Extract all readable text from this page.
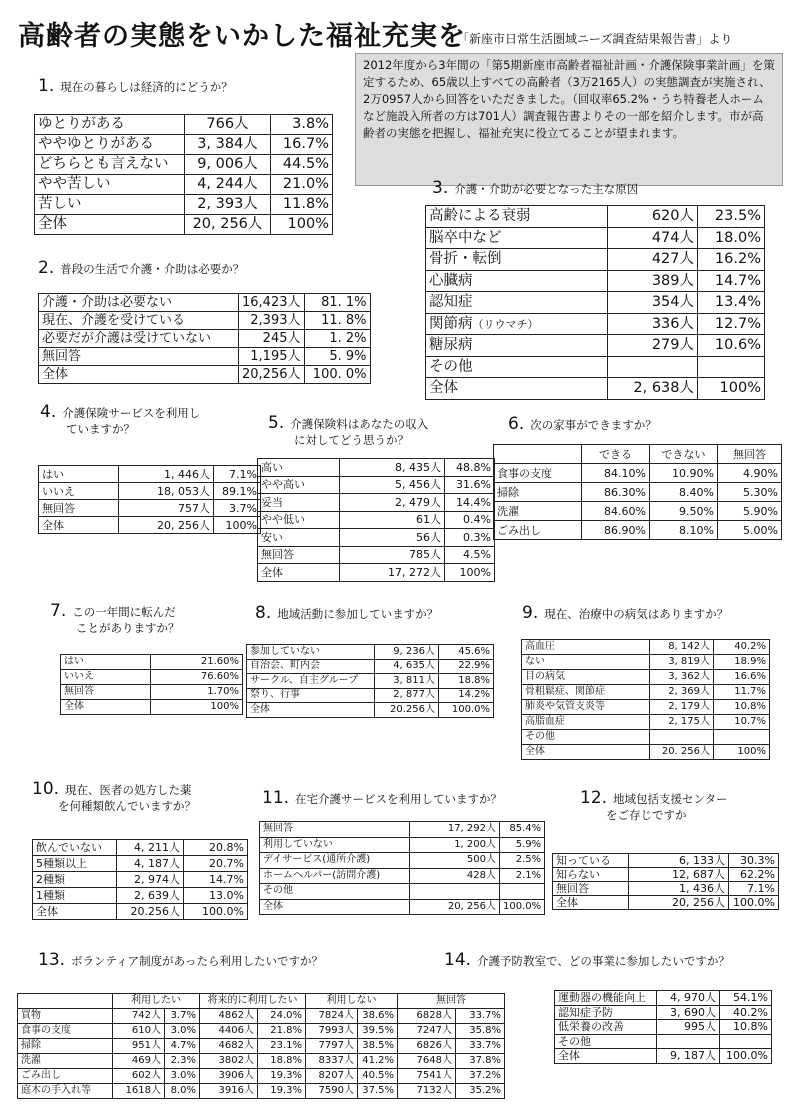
高齢者の実態をいかした福祉充実を
「新座市日常生活圏域ニーズ調査結果報告書」より
2012年度から3年間の「第5期新座市高齢者福祉計画・介護保険事業計画」を策定するため、65歳以上すべての高齢者（3万2165人）の実態調査が実施され、2万0957人から回答をいただきました。（回収率65.2%・うち特養老人ホームなど施設入所者の方は701人）調査報告書よりその一部を紹介します。市が高齢者の実態を把握し、福祉充実に役立てることが望まれます。
1. 現在の暮らしは経済的にどうか？
ゆとりがある	766人	3.8%
ややゆとりがある	3, 384人	16.7%
どちらとも言えない	9, 006人	44.5%
やや苦しい	4, 244人	21.0%
苦しい	2, 393人	11.8%
全体	20, 256人	100%
2. 普段の生活で介護・介助は必要か？
介護・介助は必要ない	16,423人	81. 1%
現在、介護を受けている	2,393人	11. 8%
必要だが介護は受けていない	245人	1. 2%
無回答	1,195人	5. 9%
全体	20,256人	100. 0%
3. 介護・介助が必要となった主な原因
高齢による衰弱	620人	23.5%
脳卒中など	474人	18.0%
骨折・転倒	427人	16.2%
心臓病	389人	14.7%
認知症	354人	13.4%
関節病（リウマチ）	336人	12.7%
糖尿病	279人	10.6%
その他		
全体	2, 638人	100%
4. 介護保険サービスを利用し
ていますか？
はい	1, 446人	7.1%
いいえ	18, 053人	89.1%
無回答	757人	3.7%
全体	20, 256人	100%
5. 介護保険料はあなたの収入
に対してどう思うか？
高い	8, 435人	48.8%
やや高い	5, 456人	31.6%
妥当	2, 479人	14.4%
やや低い	61人	0.4%
安い	56人	0.3%
無回答	785人	4.5%
全体	17, 272人	100%
6. 次の家事ができますか？
	できる	できない	無回答
食事の支度	84.10%	10.90%	4.90%
掃除	86.30%	8.40%	5.30%
洗濯	84.60%	9.50%	5.90%
ごみ出し	86.90%	8.10%	5.00%
7. この一年間に転んだ
ことがありますか？
はい	21.60%
いいえ	76.60%
無回答	1.70%
全体	100%
8. 地域活動に参加していますか？
参加していない	9, 236人	45.6%
自治会、町内会	4, 635人	22.9%
サークル、自主グループ	3, 811人	18.8%
祭り、行事	2, 877人	14.2%
全体	20.256人	100.0%
9. 現在、治療中の病気はありますか？
高血圧	8, 142人	40.2%
ない	3, 819人	18.9%
目の病気	3, 362人	16.6%
骨粗鬆症、関節症	2, 369人	11.7%
肺炎や気管支炎等	2, 179人	10.8%
高脂血症	2, 175人	10.7%
その他		
全体	20. 256人	100%
10. 現在、医者の処方した薬
を何種類飲んでいますか？
飲んでいない	4, 211人	20.8%
5種類以上	4, 187人	20.7%
2種類	2, 974人	14.7%
1種類	2, 639人	13.0%
全体	20.256人	100.0%
11. 在宅介護サービスを利用していますか？
無回答	17, 292人	85.4%
利用していない	1, 200人	5.9%
デイサービス(通所介護)	500人	2.5%
ホームヘルパー(訪問介護)	428人	2.1%
その他		
全体	20, 256人	100.0%
12. 地域包括支援センター
をご存じですか
知っている	6, 133人	30.3%
知らない	12, 687人	62.2%
無回答	1, 436人	7.1%
全体	20, 256人	100.0%
13. ボランティア制度があったら利用したいですか？
	利用したい		将来的に利用したい		利用しない		無回答	
買物	742人	3.7%	4862人	24.0%	7824人	38.6%	6828人	33.7%
食事の支度	610人	3.0%	4406人	21.8%	7993人	39.5%	7247人	35.8%
掃除	951人	4.7%	4682人	23.1%	7797人	38.5%	6826人	33.7%
洗濯	469人	2.3%	3802人	18.8%	8337人	41.2%	7648人	37.8%
ごみ出し	602人	3.0%	3906人	19.3%	8207人	40.5%	7541人	37.2%
庭木の手入れ等	1618人	8.0%	3916人	19.3%	7590人	37.5%	7132人	35.2%
14. 介護予防教室で、どの事業に参加したいですか？
運動器の機能向上	4, 970人	54.1%
認知症予防	3, 690人	40.2%
低栄養の改善	995人	10.8%
その他		
全体	9, 187人	100.0%
